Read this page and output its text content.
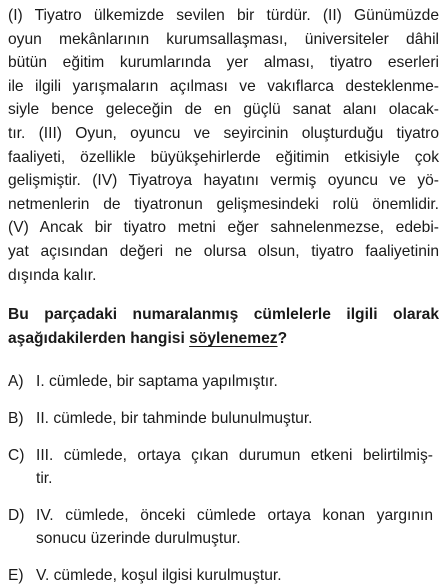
(I) Tiyatro ülkemizde sevilen bir türdür. (II) Günümüzde
oyun mekânlarının kurumsallaşması, üniversiteler dâhil
bütün eğitim kurumlarında yer alması, tiyatro eserleri
ile ilgili yarışmaların açılması ve vakıflarca desteklenme-
siyle bence geleceğin de en güçlü sanat alanı olacak-
tır. (III) Oyun, oyuncu ve seyircinin oluşturduğu tiyatro
faaliyeti, özellikle büyükşehirlerde eğitimin etkisiyle çok
gelişmiştir. (IV) Tiyatroya hayatını vermiş oyuncu ve yö-
netmenlerin de tiyatronun gelişmesindeki rolü önemlidir.
(V) Ancak bir tiyatro metni eğer sahnelenmezse, edebi-
yat açısından değeri ne olursa olsun, tiyatro faaliyetinin
dışında kalır.
Bu parçadaki numaralanmış cümlelerle ilgili olarak
aşağıdakilerden hangisi söylenemez?
A) I. cümlede, bir saptama yapılmıştır.
B) II. cümlede, bir tahminde bulunulmuştur.
C) III. cümlede, ortaya çıkan durumun etkeni belirtilmiş-
tir.
D) IV. cümlede, önceki cümlede ortaya konan yargının
sonucu üzerinde durulmuştur.
E) V. cümlede, koşul ilgisi kurulmuştur.
